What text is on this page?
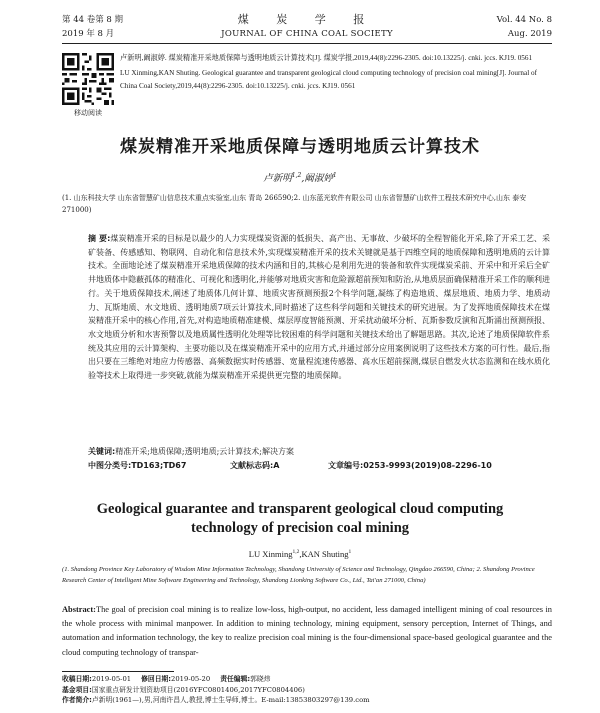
第 44 卷第 8 期
2019 年 8 月
煤 炭 学 报
JOURNAL OF CHINA COAL SOCIETY
Vol. 44 No. 8
Aug. 2019
移动阅读
卢新明,阚淑婷. 煤炭精准开采地质保障与透明地质云计算技术[J]. 煤炭学报,2019,44(8):2296-2305. doi:10.13225/j. cnki. jccs. KJ19. 0561
LU Xinming,KAN Shuting. Geological guarantee and transparent geological cloud computing technology of precision coal mining[J]. Journal of China Coal Society,2019,44(8):2296-2305. doi:10.13225/j. cnki. jccs. KJ19. 0561
煤炭精准开采地质保障与透明地质云计算技术
卢新明$^{1,2}$,阚淑婷$^1$
(1. 山东科技大学 山东省智慧矿山信息技术重点实验室,山东 青岛 266590;2. 山东蓝光软件有限公司 山东省智慧矿山软件工程技术研究中心,山东 泰安 271000)
摘 要:煤炭精准开采的目标是以最少的人力实现煤炭资源的低损失、高产出、无事故、少破坏的全程智能化开采,除了开采工艺、采矿装备、传感感知、物联网、自动化和信息技术外,实现煤炭精准开采的技术关键就是基于四维空间的地质保障和透明地质的云计算技术。全面地论述了煤炭精准开采地质保障的技术内涵和目的,其核心是利用先进的装备和软件实现煤炭采前、开采中和开采后全矿井地质体中隐蔽孤体的精准化、可视化和透明化,并能够对地质灾害和危险源超前预知和防治,从地质层面确保精准开采工作的顺利进行。关于地质保障技术,阐述了地质体几何计算、地质灾害预测预报2个科学问题,凝练了构造地质、煤层地质、地质力学、地质动力、瓦斯地质、水文地质、透明地质7项云计算技术,同时描述了这些科学问题和关键技术的研究进展。为了发挥地质保障技术在煤炭精准开采中的核心作用,首先,对构造地质精准建模、煤层厚度智能预测、开采扰动破坏分析、瓦斯参数反演和瓦斯涌出预测预报、水文地质分析和水害预警以及地质属性透明化处理等比较困难的科学问题和关键技术给出了解题思路。其次,论述了地质保障软件系统及其应用的云计算架构、主要功能以及在煤炭精准开采中的应用方式,并通过部分应用案例说明了这些技术方案的可行性。最后,指出只要在三维绝对地应力传感器、高频数据实时传感器、宽量程流速传感器、高水压超前探测,煤层自燃发火状态监测和在线水质化验等技术上取得进一步突破,就能为煤炭精准开采提供更完整的地质保障。
关键词:精准开采;地质保障;透明地质;云计算技术;解决方案
中图分类号:TD163;TD67	文献标志码:A	文章编号:0253-9993(2019)08-2296-10
Geological guarantee and transparent geological cloud computing technology of precision coal mining
LU Xinming$^{1,2}$,KAN Shuting$^1$
(1. Shandong Province Key Laboratory of Wisdom Mine Information Technology, Shandong University of Science and Technology, Qingdao 266590, China; 2. Shandong Province Research Center of Intelligent Mine Software Engineering and Technology, Shandong Lionking Software Co., Ltd., Tai'an 271000, China)
Abstract:The goal of precision coal mining is to realize low-loss, high-output, no accident, less damaged intelligent mining of coal resources in the whole process with minimal manpower. In addition to mining technology, mining equipment, sensory perception, Internet of Things, and automation and information technology, the key to realize precision coal mining is the four-dimensional space-based geological guarantee and the cloud computing technology of transpar-
收稿日期:2019-05-01 修回日期:2019-05-20 责任编辑:郭晓炜
基金项目:国家重点研发计划资助项目(2016YFC0801406,2017YFC0804406)
作者简介:卢新明(1961—),男,河南许昌人,教授,博士生导师,博士。E-mail:13853803297@139.com
